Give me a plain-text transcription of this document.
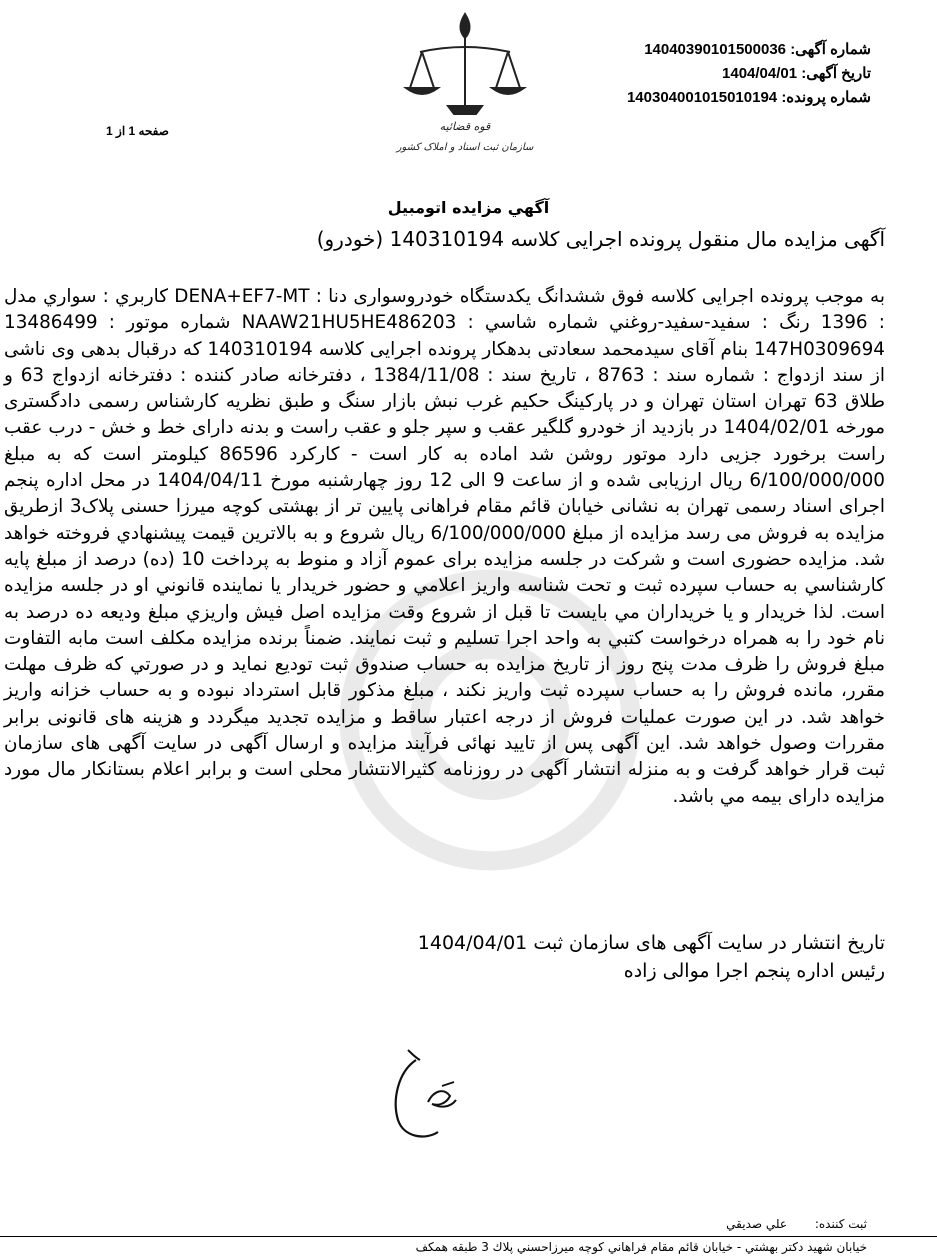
قوه قضائیه
سازمان ثبت اسناد و املاک کشور
شماره آگهی: 14040390101500036
تاریخ آگهی: 1404/04/01
شماره پرونده: 140304001015010194
صفحه 1 از 1
آگهي مزايده اتومبيل
آگهی مزایده مال منقول پرونده اجرایی کلاسه 140310194 (خودرو)
به موجب پرونده اجرایی کلاسه فوق ششدانگ یکدستگاه خودروسواری دنا : DENA+EF7-MT كاربري : سواري مدل : 1396 رنگ : سفيد-سفيد-روغني شماره شاسي : NAAW21HU5HE486203 شماره موتور : 13486499 147H0309694 بنام آقای سیدمحمد سعادتی بدهکار پرونده اجرایی کلاسه 140310194 که درقبال بدهی وی ناشی از سند ازدواج : شماره سند : 8763 ، تاریخ سند : 1384/11/08 ، دفترخانه صادر کننده : دفترخانه ازدواج 63 و طلاق 63 تهران استان تهران و در پارکینگ حکیم غرب نبش بازار سنگ و طبق نظریه کارشناس رسمی دادگستری مورخه 1404/02/01 در بازدید از خودرو گلگیر عقب و سپر جلو و عقب راست و بدنه دارای خط و خش - درب عقب راست برخورد جزیی دارد موتور روشن شد اماده به کار است - کارکرد 86596 کیلومتر است که به مبلغ 6/100/000/000 ریال ارزیابی شده و از ساعت 9 الی 12 روز چهارشنبه مورخ 1404/04/11 در محل اداره پنجم اجرای اسناد رسمی تهران به نشانی خیابان قائم مقام فراهانی پایین تر از بهشتی کوچه میرزا حسنی پلاک3 ازطریق مزایده به فروش می رسد مزایده از مبلغ 6/100/000/000 ریال شروع و به بالاترين قيمت پيشنهادي فروخته خواهد شد. مزایده حضوری است و شرکت در جلسه مزایده برای عموم آزاد و منوط به پرداخت 10 (ده) درصد از مبلغ پايه كارشناسي به حساب سپرده ثبت و تحت شناسه واريز اعلامي و حضور خريدار يا نماينده قانوني او در جلسه مزايده است. لذا خريدار و يا خريداران مي بايست تا قبل از شروع وقت مزايده اصل فيش واريزي مبلغ وديعه ده درصد به نام خود را به همراه درخواست كتبي به واحد اجرا تسليم و ثبت نمايند. ضمناً برنده مزايده مكلف است مابه التفاوت مبلغ فروش را ظرف مدت پنج روز از تاريخ مزايده به حساب صندوق ثبت توديع نمايد و در صورتي كه ظرف مهلت مقرر، مانده فروش را به حساب سپرده ثبت واريز نكند ، مبلغ مذكور قابل استرداد نبوده و به حساب خزانه واريز خواهد شد. در این صورت عملیات فروش از درجه اعتبار ساقط و مزایده تجدید میگردد و هزینه های قانونی برابر مقررات وصول خواهد شد. این آگهی پس از تایید نهائی فرآیند مزایده و ارسال آگهی در سایت آگهی های سازمان ثبت قرار خواهد گرفت و به منزله انتشار آگهی در روزنامه کثیرالانتشار محلی است و برابر اعلام بستانکار مال مورد مزایده دارای بیمه مي باشد.
تاریخ انتشار در سایت آگهی های سازمان ثبت 1404/04/01
رئیس اداره پنجم اجرا موالی زاده
ثبت كننده: علي صديقي
خيابان شهيد دكتر بهشتي - خيابان قائم مقام فراهاني كوچه ميرزاحسني پلاك 3 طبقه همكف
